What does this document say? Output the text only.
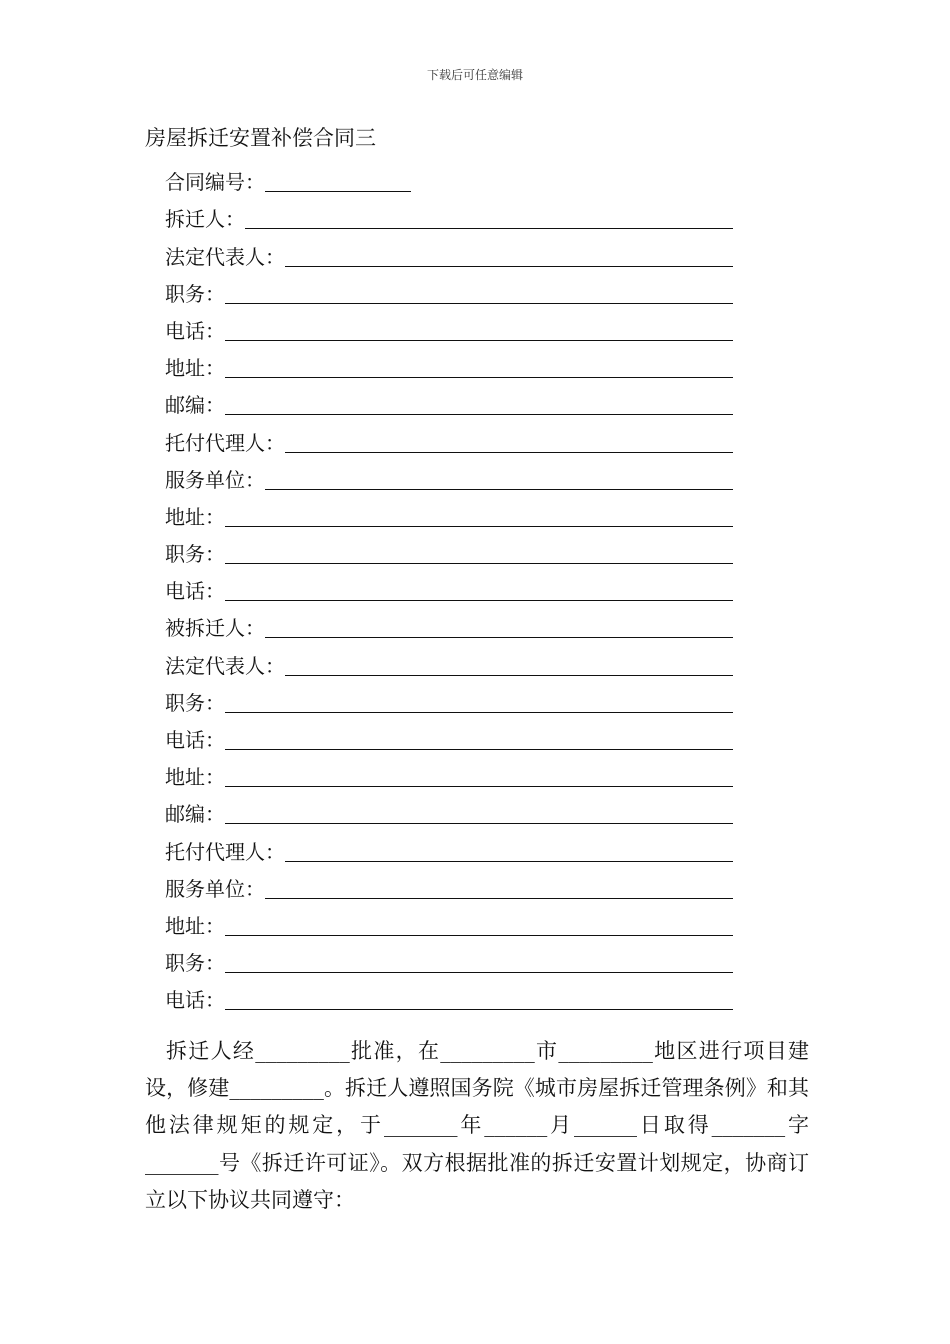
下载后可任意编辑
房屋拆迁安置补偿合同三
合同编号：
拆迁人：
法定代表人：
职务：
电话：
地址：
邮编：
托付代理人：
服务单位：
地址：
职务：
电话：
被拆迁人：
法定代表人：
职务：
电话：
地址：
邮编：
托付代理人：
服务单位：
地址：
职务：
电话：

拆迁人经_________批准，在_________市_________地区进行项目建设，修建_________。拆迁人遵照国务院《城市房屋拆迁管理条例》和其他法律规矩的规定，于_______年______月______日取得_______字_______号《拆迁许可证》。双方根据批准的拆迁安置计划规定，协商订立以下协议共同遵守：
